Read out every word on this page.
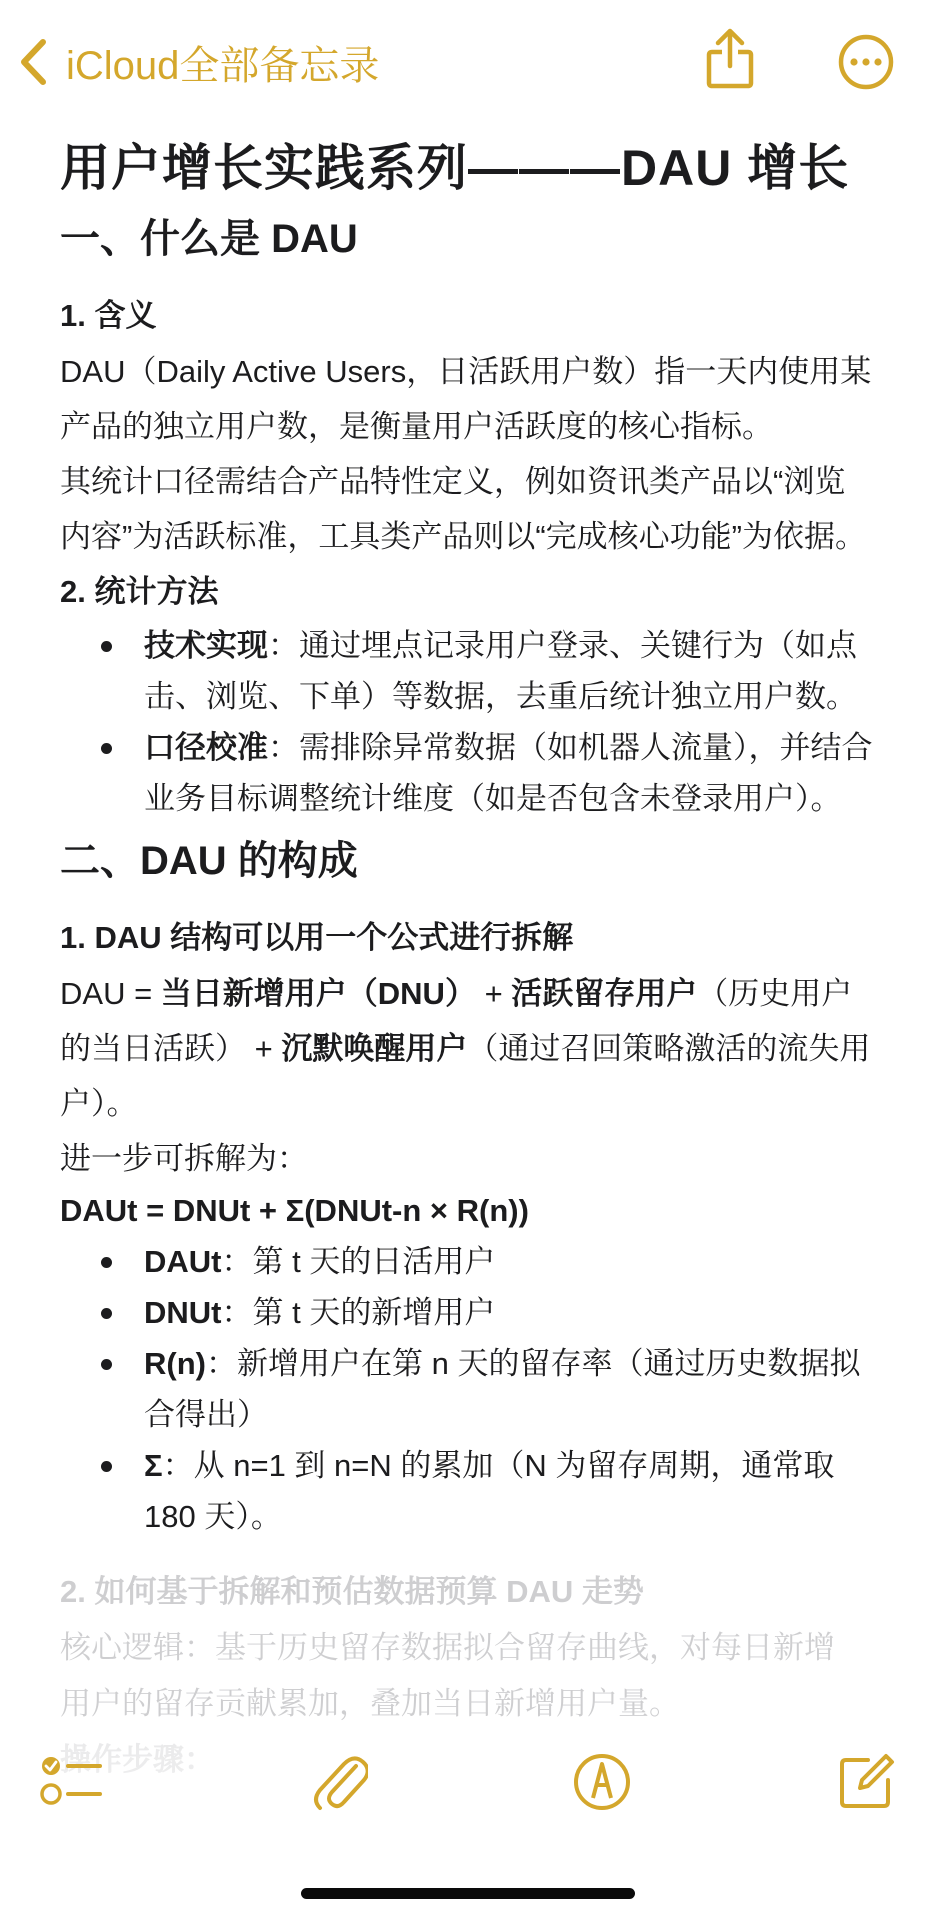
iCloud全部备忘录
用户增长实践系列———DAU 增长
一、什么是 DAU
1. 含义

DAU（Daily Active Users，日活跃用户数）指一天内使用某产品的独立用户数，是衡量用户活跃度的核心指标。

其统计口径需结合产品特性定义，例如资讯类产品以“浏览内容”为活跃标准，工具类产品则以“完成核心功能”为依据。

2. 统计方法
技术实现：通过埋点记录用户登录、关键行为（如点击、浏览、下单）等数据，去重后统计独立用户数。
口径校准：需排除异常数据（如机器人流量），并结合业务目标调整统计维度（如是否包含未登录用户）。
二、DAU 的构成
1. DAU 结构可以用一个公式进行拆解

DAU = 当日新增用户（DNU） + 活跃留存用户（历史用户的当日活跃） + 沉默唤醒用户（通过召回策略激活的流失用户）。

进一步可拆解为：

DAUt = DNUt + Σ(DNUt-n × R(n))
DAUt：第 t 天的日活用户
DNUt：第 t 天的新增用户
R(n)：新增用户在第 n 天的留存率（通过历史数据拟合得出）
Σ：从 n=1 到 n=N 的累加（N 为留存周期，通常取 180 天）。
2. 如何基于拆解和预估数据预算 DAU 走势
核心逻辑：基于历史留存数据拟合留存曲线，对每日新增
用户的留存贡献累加，叠加当日新增用户量。
